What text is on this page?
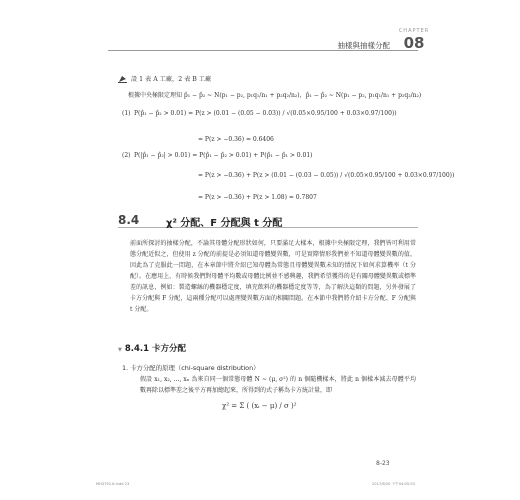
抽樣與抽樣分配
CHAPTER
08
設 1 表 A 工廠，2 表 B 工廠
根據中央極限定理知 p̂₁ − p̂₂ ~ N(p₁ − p₂, p₁q₁/n₁ + p₂q₂/n₂)，p̂₁ − p̂₂ ~ N(p₁ − p₂, p₁q₁/n₁ + p₂q₂/n₂)
(1) P(p̂₁ − p̂₂ > 0.01) = P(z > (0.01 − (0.05 − 0.03)) / √(0.05×0.95/100 + 0.03×0.97/100))
= P(z > −0.36) = 0.6406
(2) P(|p̂₁ − p̂₂| > 0.01) = P(p̂₁ − p̂₂ > 0.01) + P(p̂₁ − p̂₁ > 0.01)
= P(z > −0.36) + P(z > (0.01 − (0.03 − 0.05)) / √(0.05×0.95/100 + 0.03×0.97/100))
= P(z > −0.36) + P(z > 1.08) = 0.7807
8.4	χ² 分配、F 分配與 t 分配
前面所探討的抽樣分配，不論其母體分配形狀如何，只要滿足大樣本，根據中央極限定理，我們皆可利用常態分配近似之，但使用 z 分配的前提是必須知道母體變異數，可是實際情形我們並不知道母體變異數的值，因此為了克服此一問題，在本章節中將介紹已知母體為常態且母體變異數未知的情況下如何求算機率（t 分配）。在應用上，有時候我們對母體平均數或母體比例並不感興趣，我們希望獲得的是有關母體變異數或標準差的訊息，例如：製造螺絲的機器穩定度，填充飲料的機器穩定度等等，為了解決這類的問題，另外發展了卡方分配與 F 分配，這兩種分配可以處理變異數方面的相關問題。在本節中我們將介紹卡方分配、F 分配與 t 分配。
▼ 8.4.1 卡方分配
1. 卡方分配的原理（chi-square distribution）
假設 x₁, x₂, ..., xₙ 為來自同一個常態母體 N ~ (μ, σ²) 的 n 個隨機樣本，將此 n 個樣本減去母體平均數再除以標準差之後平方再加總起來，所得到的式子稱為卡方統計量，即
χ² = Σ ( (xᵢ − μ) / σ )²
8-23
MH3792-8.indd 23	2017/6/20 下午04:05:53
